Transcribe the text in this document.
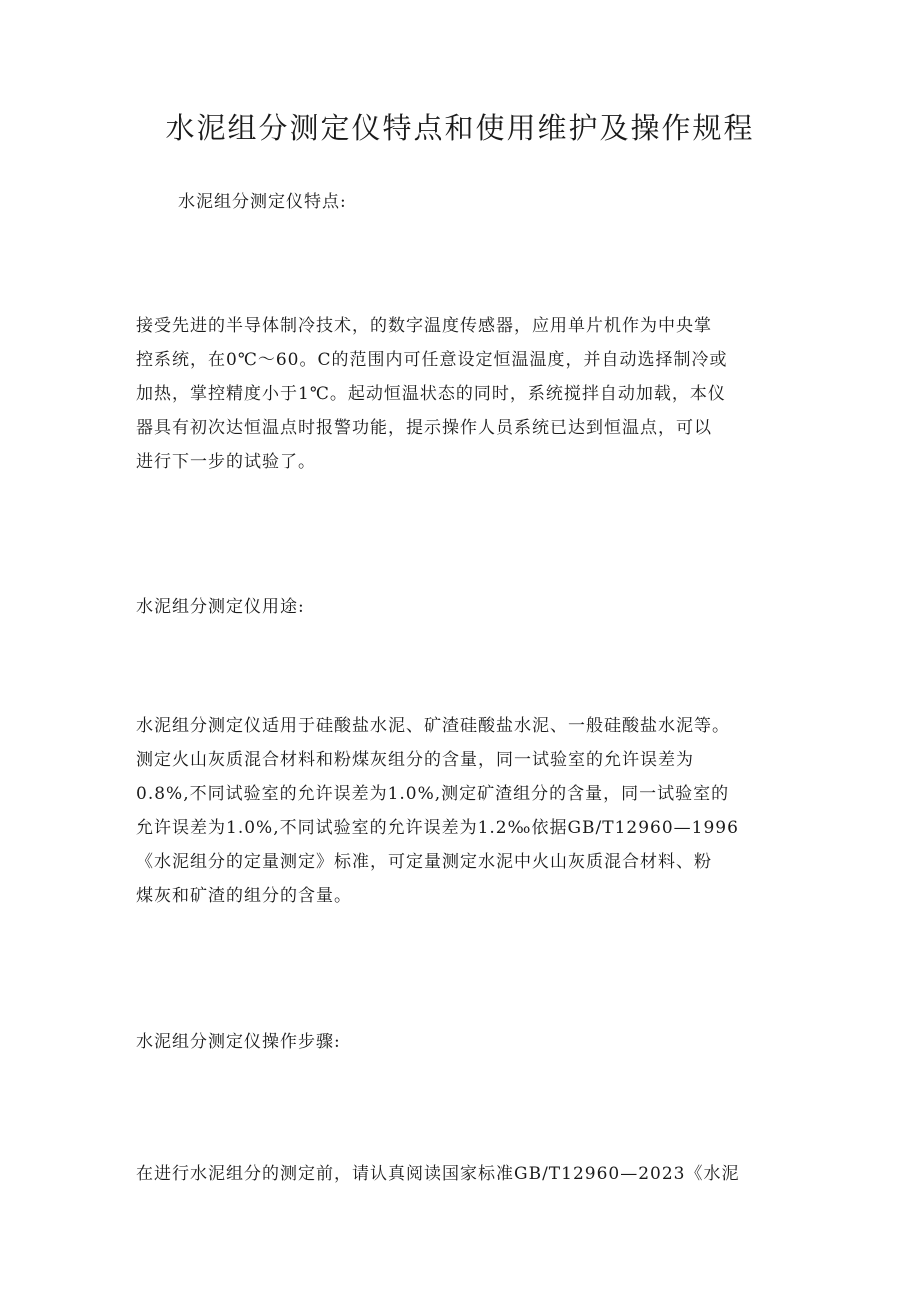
水泥组分测定仪特点和使用维护及操作规程
水泥组分测定仪特点:
接受先进的半导体制冷技术，的数字温度传感器，应用单片机作为中央掌
控系统，在0℃～60。C的范围内可任意设定恒温温度，并自动选择制冷或
加热，掌控精度小于1℃。起动恒温状态的同时，系统搅拌自动加载，本仪
器具有初次达恒温点时报警功能，提示操作人员系统已达到恒温点，可以
进行下一步的试验了。
水泥组分测定仪用途:
水泥组分测定仪适用于硅酸盐水泥、矿渣硅酸盐水泥、一般硅酸盐水泥等。
测定火山灰质混合材料和粉煤灰组分的含量，同一试验室的允许误差为
0.8%,不同试验室的允许误差为1.0%,测定矿渣组分的含量，同一试验室的
允许误差为1.0%,不同试验室的允许误差为1.2‰依据GB/T12960—1996
《水泥组分的定量测定》标准，可定量测定水泥中火山灰质混合材料、粉
煤灰和矿渣的组分的含量。
水泥组分测定仪操作步骤:
在进行水泥组分的测定前，请认真阅读国家标准GB/T12960—2023《水泥
